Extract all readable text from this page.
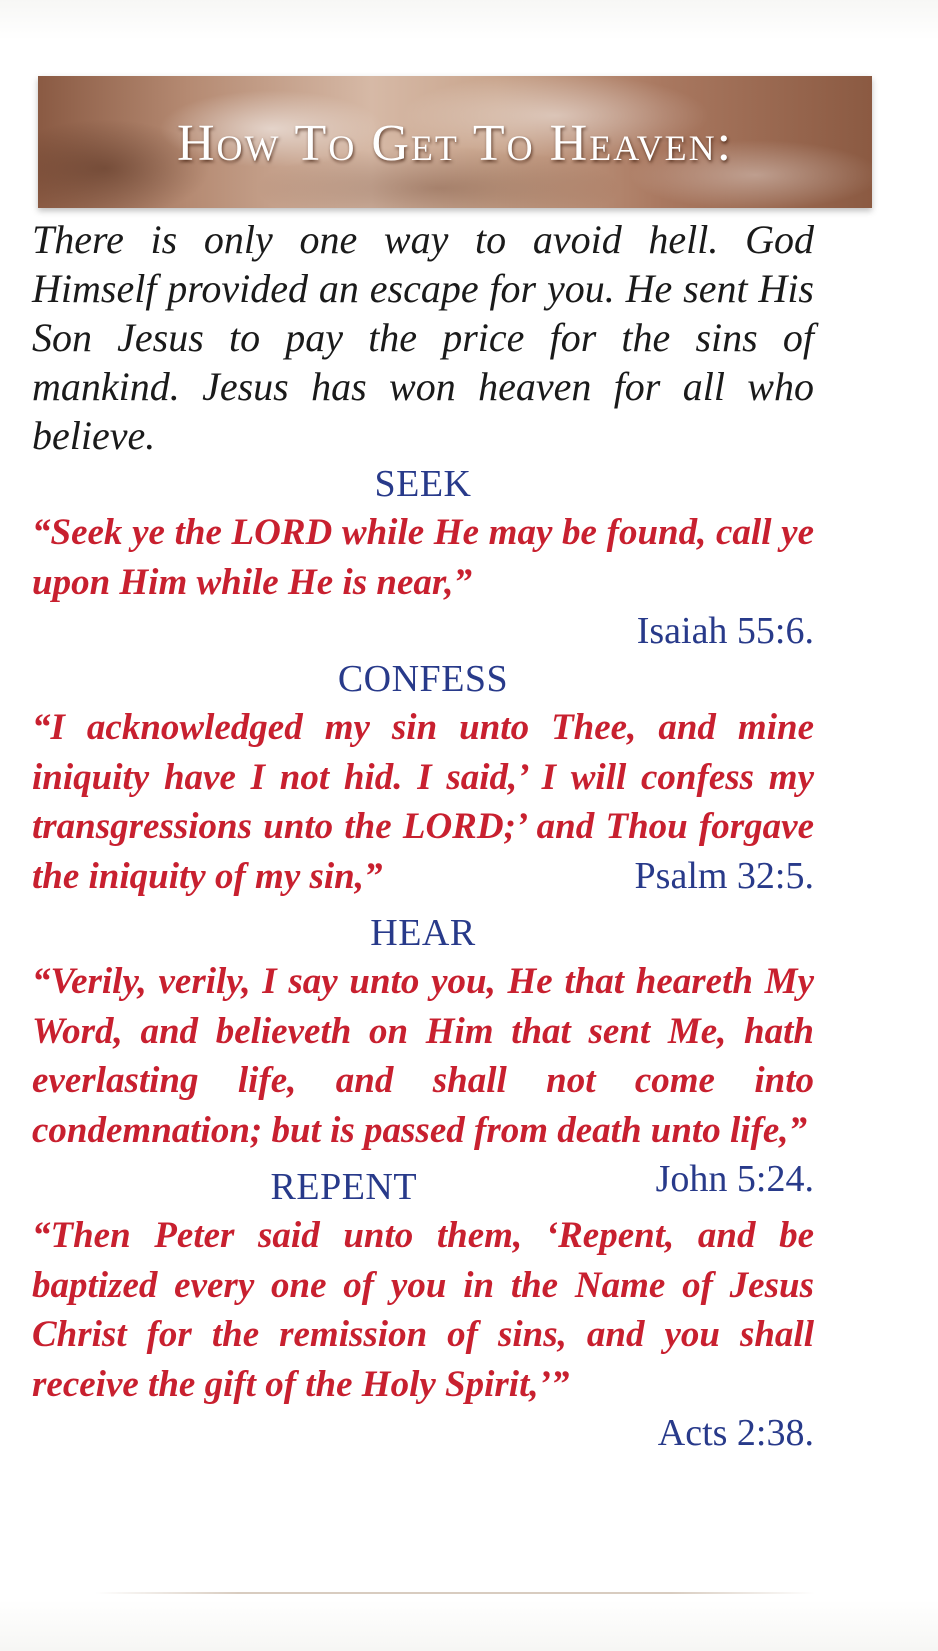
How To Get To Heaven:

There is only one way to avoid hell. God Himself provided an escape for you. He sent His Son Jesus to pay the price for the sins of mankind. Jesus has won heaven for all who believe.

SEEK

“Seek ye the LORD while He may be found, call ye upon Him while He is near,”

Isaiah 55:6.

CONFESS

“I acknowledged my sin unto Thee, and mine iniquity have I not hid. I said,’ I will confess my transgressions unto the LORD;’ and Thou forgave the iniquity of my sin,”	Psalm 32:5.

HEAR

“Verily, verily, I say unto you, He that heareth My Word, and believeth on Him that sent Me, hath everlasting life, and shall not come into condemnation; but is passed from death unto life,”
John 5:24.

REPENT

“Then Peter said unto them, ‘Repent, and be baptized every one of you in the Name of Jesus Christ for the remission of sins, and you shall receive the gift of the Holy Spirit,’”

Acts 2:38.
